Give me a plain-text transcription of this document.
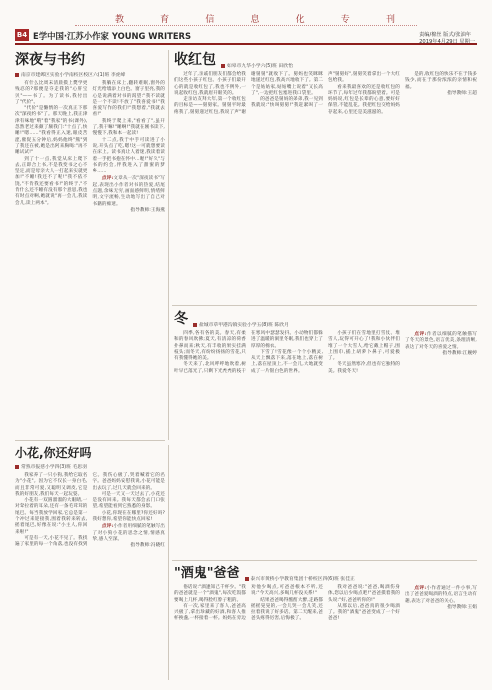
教	育	信	息	化	专	刊
B4 E学中国·江苏小作家 YOUNG WRITERS	责编/棉丝 版式/张油年
2019年4月29日 星期一
深夜与书约
南京市建邺区实验小学南校区校区六(1)班 李虎峰

有什么比周末清晨摸上樊学更残忍的?那便是夺走我的"心肝宝贝"——书了。为了读书,我付出了"代价"。

"代价"是懒惰的一次真正下那次"深夜约书"了。那天晚上,我正津津有味地"啃"着"我家"的书(课外),忽然老过来颇了颇我门:"十点了,快睡!"嗯……"我看得正入迷,眼皮苦涩,催促五分钟后,妈妈他终"熊"到了我还在被,她是出阿来胸喝:"再不睡试试!"

到了十一点,我觉从床上爬下去,正即合上书,不是我变书之心不坚定,而是母亲大人一打起来实就更加!"不睡!我还不了呢!"我不依不饶,"不肯我还要看书!"的终于,"不肯什么还不睡有没有那个意思,我也有时点对啊,她就说"再一会儿,我读会儿,读上两本"。

我躺在床上,翻转难眠,窗外的灯光给墙添上白色。窗子里亮,我的心是说满着对书的渴望:"我不读就是一个不读!不放了"我喜爱书!"我喜爱写作的我们!"我想着,"我就去看!"

我终于爬上来,"看看了",虽开了,我干嘛!"睡啊!"我就在刚书读下,慢慢下,我和本一起读!

十二点,我于中手可读进了小说,开头点了吃,嗯!这一可就想要读在床上。读书真让人着迷,我读着读着一手把书抱在怀中…喔!"好久"与书的约会,伴我进入了甜蜜的梦乡……

点评:文章从一次"深夜读书"写起,表现出小作者对书的热爱,结尾点题,余味无穷,画面感鲜明,情绪鲜明,文字流畅,生动地写出了自己对书籍的痴迷。

指导教师:王海燕
收红包	如皋市九华小学六(5)班 田欣怡

过年了,亲戚们朋友们都会给我们这些小孩子红包。小孩子们最开心的就是收红包了,我也不例外,一说起收红包,我就眉开眼笑的。

走亲访友拜大年,第一个收红包的目标是——舅舅家。舅舅平时最疼我了,舅舅递过红包,我说了声"谢谢舅舅"就收下了。舅妈也笑眯眯地递过红包,我高兴地收下了。第二个是姑姑家,姑姑嘴上说着"又长高了",一边把红包塞进我口袋里。

的爸爸是舅妈的弟弟,我一见到我就说:"快叫舅舅!"我赶紧叫了一声"舅舅好",舅舅笑着拿出一个大红包给我。

看来我最喜欢的还是收红包的环节了,每年过年我都盼望着。可是妈妈说,红包是长辈的心意,要好好保管,不能乱花。我把红包交给妈妈存起来,心里还是美滋滋的。

是的,收红包的快乐不在于钱多钱少,而在于那份浓浓的亲情和祝福。

指导教师:王超
冬	盐城市草甲港沟镇实验小学五(8)班 陈欣月

四季,各有各的美。春天,有柔和的春风吹拂;夏天,有清凉的荷香扑鼻而来;秋天,有丰收的果实挂满枝头;而冬天,有纷纷扬扬的雪花,只有我懂得她的美。

冬天来了,北风呼呼地吹着,树叶早已落光了,只剩下光秃秃的枝干在寒风中瑟瑟发抖。小动物们都躲进了温暖的洞里冬眠,我们也穿上了厚厚的棉衣。

下雪了!雪花像一个个小精灵,从天上飘落下来,落在地上,落在树上,落在屋顶上,不一会儿,大地就变成了一片银白色的世界。

小孩子们在雪地里打雪仗、堆雪人,玩得可开心了!我和小伙伴们堆了一个大雪人,给它戴上帽子,围上围巾,插上胡萝卜鼻子,可爱极了。

冬天虽然寒冷,但也有它独特的美。我爱冬天!

点评:作者以细腻的笔触描写了冬天的景色,语言优美,条理清晰,表达了对冬天的喜爱之情。

指导教师:江婉婷
小花,你还好吗
常熟市报慈小学四(3)班 毛思羽

我家养了一只小狗,我给它取名为"小花"。因为它不仅长一身白毛,而且非常可爱,又聪明又调皮,它是我的好朋友,我们每天一起玩耍。

小花有一双圆溜溜的大眼睛,一对耷拉着的耳朵,还有一条毛茸茸的尾巴。每当我放学回家,它总是第一个冲过来迎接我,围着我转来转去,摇着尾巴,好像在说:"小主人,你回来啦!"

可是有一天,小花不见了。我找遍了家里的每一个角落,也没有找到它。我伤心极了,哭着喊着它的名字。爸爸妈妈安慰我说,小花可能是出去玩了,过几天就会回来的。

可是一天又一天过去了,小花还是没有回来。我每天都会去门口张望,希望能看到它熟悉的身影。

小花,你现在在哪里?你还好吗?我好想你,希望你能快点回家!

点评:小作者用细腻的笔触写出了对小狗小花的思念之情,情感真挚,感人至深。

指导教师:冯晓红
"酒鬼"爸爸	泰兴市黄桥小学教育集团十桥校区四(6)班 张佳正

俗话说:"酒逢知己千杯少。"我的爸爸就是一个"酒鬼",每次吃饭都要喝上几杯,喝得脸红脖子粗的。

有一次,家里来了客人,爸爸高兴极了,拿出珍藏的好酒,和客人推杯换盏,一杯接着一杯。妈妈在旁边劝他少喝点,可爸爸根本不听,还说:"今天高兴,多喝几杯没关系!"

结果爸爸喝得酩酊大醉,走路都摇摇晃晃的,一会儿哭一会儿笑,还拉着我说了好多话。第二天醒来,爸爸头疼得厉害,后悔极了。

我对爸爸说:"爸爸,喝酒伤身体,您以后少喝点吧!"爸爸摸着我的头说:"好,爸爸听你的!"

从那以后,爸爸真的很少喝酒了。我的"酒鬼"爸爸变成了一个好爸爸!

点评:小作者通过一件小事,写出了爸爸爱喝酒的特点,语言生动有趣,表达了对爸爸的关心。

指导教师:王娟
